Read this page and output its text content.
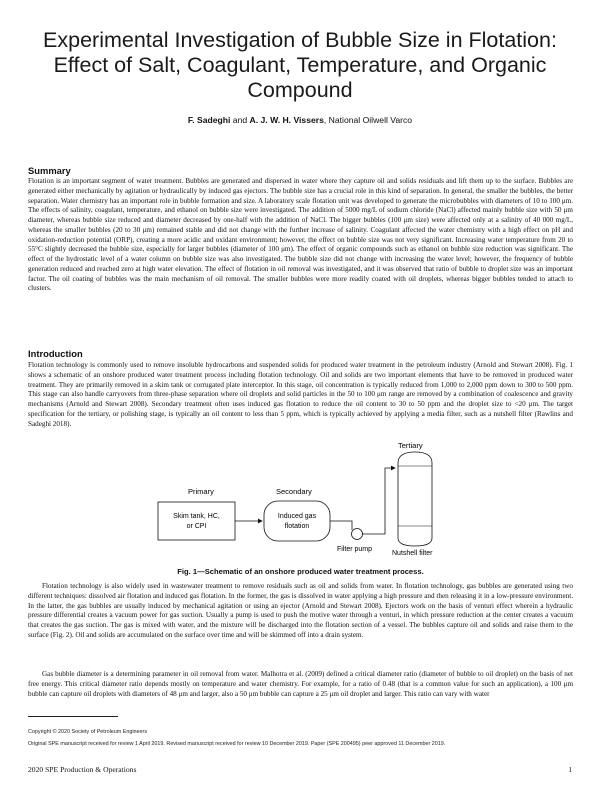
Experimental Investigation of Bubble Size in Flotation: Effect of Salt, Coagulant, Temperature, and Organic Compound

F. Sadeghi and A. J. W. H. Vissers, National Oilwell Varco

Summary

Flotation is an important segment of water treatment. Bubbles are generated and dispersed in water where they capture oil and solids residuals and lift them up to the surface. Bubbles are generated either mechanically by agitation or hydraulically by induced gas ejectors. The bubble size has a crucial role in this kind of separation. In general, the smaller the bubbles, the better separation. Water chemistry has an important role in bubble formation and size. A laboratory scale flotation unit was developed to generate the microbubbles with diameters of 10 to 100 μm. The effects of salinity, coagulant, temperature, and ethanol on bubble size were investigated. The addition of 5000 mg/L of sodium chloride (NaCl) affected mainly bubble size with 50 μm diameter, whereas bubble size reduced and diameter decreased by one-half with the addition of NaCl. The bigger bubbles (100 μm size) were affected only at a salinity of 40 000 mg/L, whereas the smaller bubbles (20 to 30 μm) remained stable and did not change with the further increase of salinity. Coagulant affected the water chemistry with a high effect on pH and oxidation-reduction potential (ORP), creating a more acidic and oxidant environment; however, the effect on bubble size was not very significant. Increasing water temperature from 20 to 55°C slightly decreased the bubble size, especially for larger bubbles (diameter of 100 μm). The effect of organic compounds such as ethanol on bubble size reduction was significant. The effect of the hydrostatic level of a water column on bubble size was also investigated. The bubble size did not change with increasing the water level; however, the frequency of bubble generation reduced and reached zero at high water elevation. The effect of flotation in oil removal was investigated, and it was observed that ratio of bubble to droplet size was an important factor. The oil coating of bubbles was the main mechanism of oil removal. The smaller bubbles were more readily coated with oil droplets, whereas bigger bubbles tended to attach to clusters.

Introduction

Flotation technology is commonly used to remove insoluble hydrocarbons and suspended solids for produced water treatment in the petroleum industry (Arnold and Stewart 2008). Fig. 1 shows a schematic of an onshore produced water treatment process including flotation technology. Oil and solids are two important elements that have to be removed in produced water treatment. They are primarily removed in a skim tank or corrugated plate interceptor. In this stage, oil concentration is typically reduced from 1,000 to 2,000 ppm down to 300 to 500 ppm. This stage can also handle carryovers from three-phase separation where oil droplets and solid particles in the 50 to 100 μm range are removed by a combination of coalescence and gravity mechanisms (Arnold and Stewart 2008). Secondary treatment often uses induced gas flotation to reduce the oil content to 30 to 50 ppm and the droplet size to <20 μm. The target specification for the tertiary, or polishing stage, is typically an oil content to less than 5 ppm, which is typically achieved by applying a media filter, such as a nutshell filter (Rawlins and Sadeghi 2018).

Primary	Secondary
Tertiary
Skim tank, HC,
or CPI
Induced gas
flotation
Filter pump
Nutshell filter

Fig. 1—Schematic of an onshore produced water treatment process.

Flotation technology is also widely used in wastewater treatment to remove residuals such as oil and solids from water. In flotation technology, gas bubbles are generated using two different techniques: dissolved air flotation and induced gas flotation. In the former, the gas is dissolved in water applying a high pressure and then releasing it in a low-pressure environment. In the latter, the gas bubbles are usually induced by mechanical agitation or using an ejector (Arnold and Stewart 2008). Ejectors work on the basis of venturi effect wherein a hydraulic pressure differential creates a vacuum power for gas suction. Usually a pump is used to push the motive water through a venturi, in which pressure reduction at the center creates a vacuum that creates the gas suction. The gas is mixed with water, and the mixture will be discharged into the flotation section of a vessel. The bubbles capture oil and solids and raise them to the surface (Fig. 2). Oil and solids are accumulated on the surface over time and will be skimmed off into a drain system.

Gas bubble diameter is a determining parameter in oil removal from water. Malhotra et al. (2009) defined a critical diameter ratio (diameter of bubble to oil droplet) on the basis of net free energy. This critical diameter ratio depends mostly on temperature and water chemistry. For example, for a ratio of 0.48 (that is a common value for such an application), a 100 μm bubble can capture oil droplets with diameters of 48 μm and larger, also a 50 μm bubble can capture a 25 μm oil droplet and larger. This ratio can vary with water

Copyright © 2020 Society of Petroleum Engineers

Original SPE manuscript received for review 1 April 2019. Revised manuscript received for review 10 December 2019. Paper (SPE 200495) peer approved 11 December 2019.

2020 SPE Production & Operations	1
